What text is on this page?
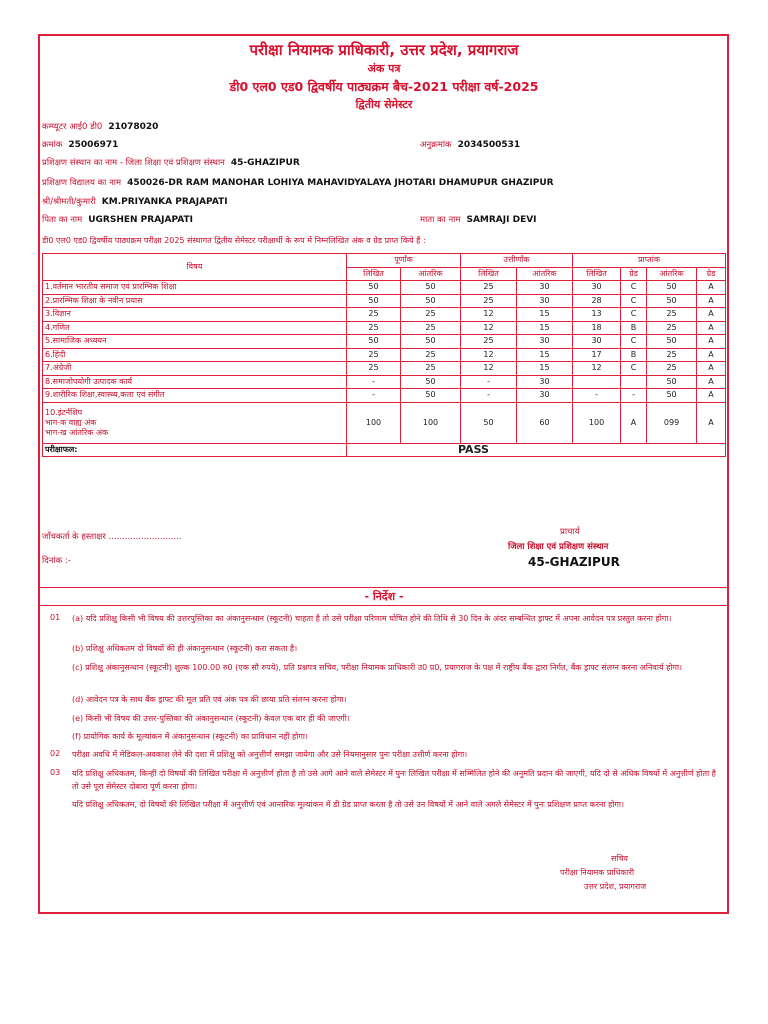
परीक्षा नियामक प्राधिकारी, उत्तर प्रदेश, प्रयागराज
अंक पत्र
डी0 एल0 एड0 द्विवर्षीय पाठ्यक्रम बैच-2021 परीक्षा वर्ष-2025
द्वितीय सेमेस्टर
कम्प्यूटर आई0 डी0 21078020
क्रमांक 25006971	अनुक्रमांक 2034500531
प्रशिक्षण संस्थान का नाम - जिला शिक्षा एवं प्रशिक्षण संस्थान 45-GHAZIPUR
प्रशिक्षण विद्यालय का नाम 450026-DR RAM MANOHAR LOHIYA MAHAVIDYALAYA JHOTARI DHAMUPUR GHAZIPUR
श्री/श्रीमती/कुमारी KM.PRIYANKA PRAJAPATI
पिता का नाम UGRSHEN PRAJAPATI	माता का नाम SAMRAJI DEVI
डी0 एल0 एड0 द्विवर्षीय पाठ्यक्रम परीक्षा 2025 संस्थागत द्वितीय सेमेस्टर परीक्षार्थी के रूप में निम्नलिखित अंक व ग्रेड प्राप्त किये हैं :
विषय	पूर्णांक		उत्तीर्णांक		प्राप्तांक			
	लिखित	आंतरिक	लिखित	आंतरिक	लिखित	ग्रेड	आंतरिक	ग्रेड
1.वर्तमान भारतीय समाज एवं प्रारम्भिक शिक्षा	50	50	25	30	30	C	50	A
2.प्रारम्भिक शिक्षा के नवीन प्रयास	50	50	25	30	28	C	50	A
3.विज्ञान	25	25	12	15	13	C	25	A
4.गणित	25	25	12	15	18	B	25	A
5.सामाजिक अध्ययन	50	50	25	30	30	C	50	A
6.हिंदी	25	25	12	15	17	B	25	A
7.अंग्रेजी	25	25	12	15	12	C	25	A
8.समाजोपयोगी उत्पादक कार्य	-	50	-	30			50	A
9.शारीरिक शिक्षा,स्वास्थ्य,कला एवं संगीत	-	50	-	30	-	-	50	A

10.इंटर्नशिप
भाग-क वाह्य अंक
भाग-ख आंतरिक अंक	100	100	50	60	100	A	099	A
परीक्षाफल:	PASS							
जाँचकर्ता के हस्ताक्षर ...........................
दिनांक :-
प्राचार्य
जिला शिक्षा एवं प्रशिक्षण संस्थान
45-GHAZIPUR
- निर्देश -
01 (a) यदि प्रशिक्षु किसी भी विषय की उत्तरपुस्तिका का अंकानुसन्धान (स्कूटनी) चाहता है तो उसे परीक्षा परिणाम घोषित होने की तिथि से 30 दिन के अंदर सम्बन्धित ड्राफ्ट में अपना आवेदन पत्र प्रस्तुत करना होगा।
(b) प्रशिक्षु अधिकतम दो विषयों की ही अंकानुसन्धान (स्कूटनी) करा सकता है।
(c) प्रशिक्षु अंकानुसन्धान (स्कूटनी) शुल्क 100.00 रु0 (एक सौ रुपये), प्रति प्रश्नपत्र सचिव, परीक्षा नियामक प्राधिकारी उ0 प्र0, प्रयागराज के पक्ष में राष्ट्रीय बैंक द्वारा निर्गत, बैंक ड्राफ्ट संलग्न करना अनिवार्य होगा।
(d) आवेदन पत्र के साथ बैंक ड्राफ्ट की मूल प्रति एवं अंक पत्र की छाया प्रति संलग्न करना होगा।
(e) किसी भी विषय की उत्तर-पुस्तिका की अंकानुसन्धान (स्कूटनी) केवल एक बार ही की जाएगी।
(f) प्रायोगिक कार्य के मूल्यांकन में अंकानुसन्धान (स्कूटनी) का प्राविधान नहीं होगा।
02 परीक्षा अवधि में मेडिकल-अवकाश लेने की दशा में प्रशिक्षु को अनुत्तीर्ण समझा जायेगा और उसे नियमानुसार पुनः परीक्षा उत्तीर्ण करना होगा।
03 यदि प्रशिक्षु अधिकतम, किन्हीं दो विषयों की लिखित परीक्षा में अनुत्तीर्ण होता है तो उसे आगे आने वाले सेमेस्टर में पुनः लिखित परीक्षा में सम्मिलित होने की अनुमति प्रदान की जाएगी, यदि दो से अधिक विषयों में अनुत्तीर्ण होता है तो उसे पूरा सेमेस्टर दोबारा पूर्ण करना होगा।
यदि प्रशिक्षु अधिकतम, दो विषयों की लिखित परीक्षा में अनुत्तीर्ण एवं आन्तरिक मूल्यांकन में डी ग्रेड प्राप्त करता है तो उसे उन विषयों में आने वाले अगले सेमेस्टर में पुनः प्रशिक्षण प्राप्त करना होगा।
सचिव
परीक्षा नियामक प्राधिकारी
उत्तर प्रदेश, प्रयागराज
